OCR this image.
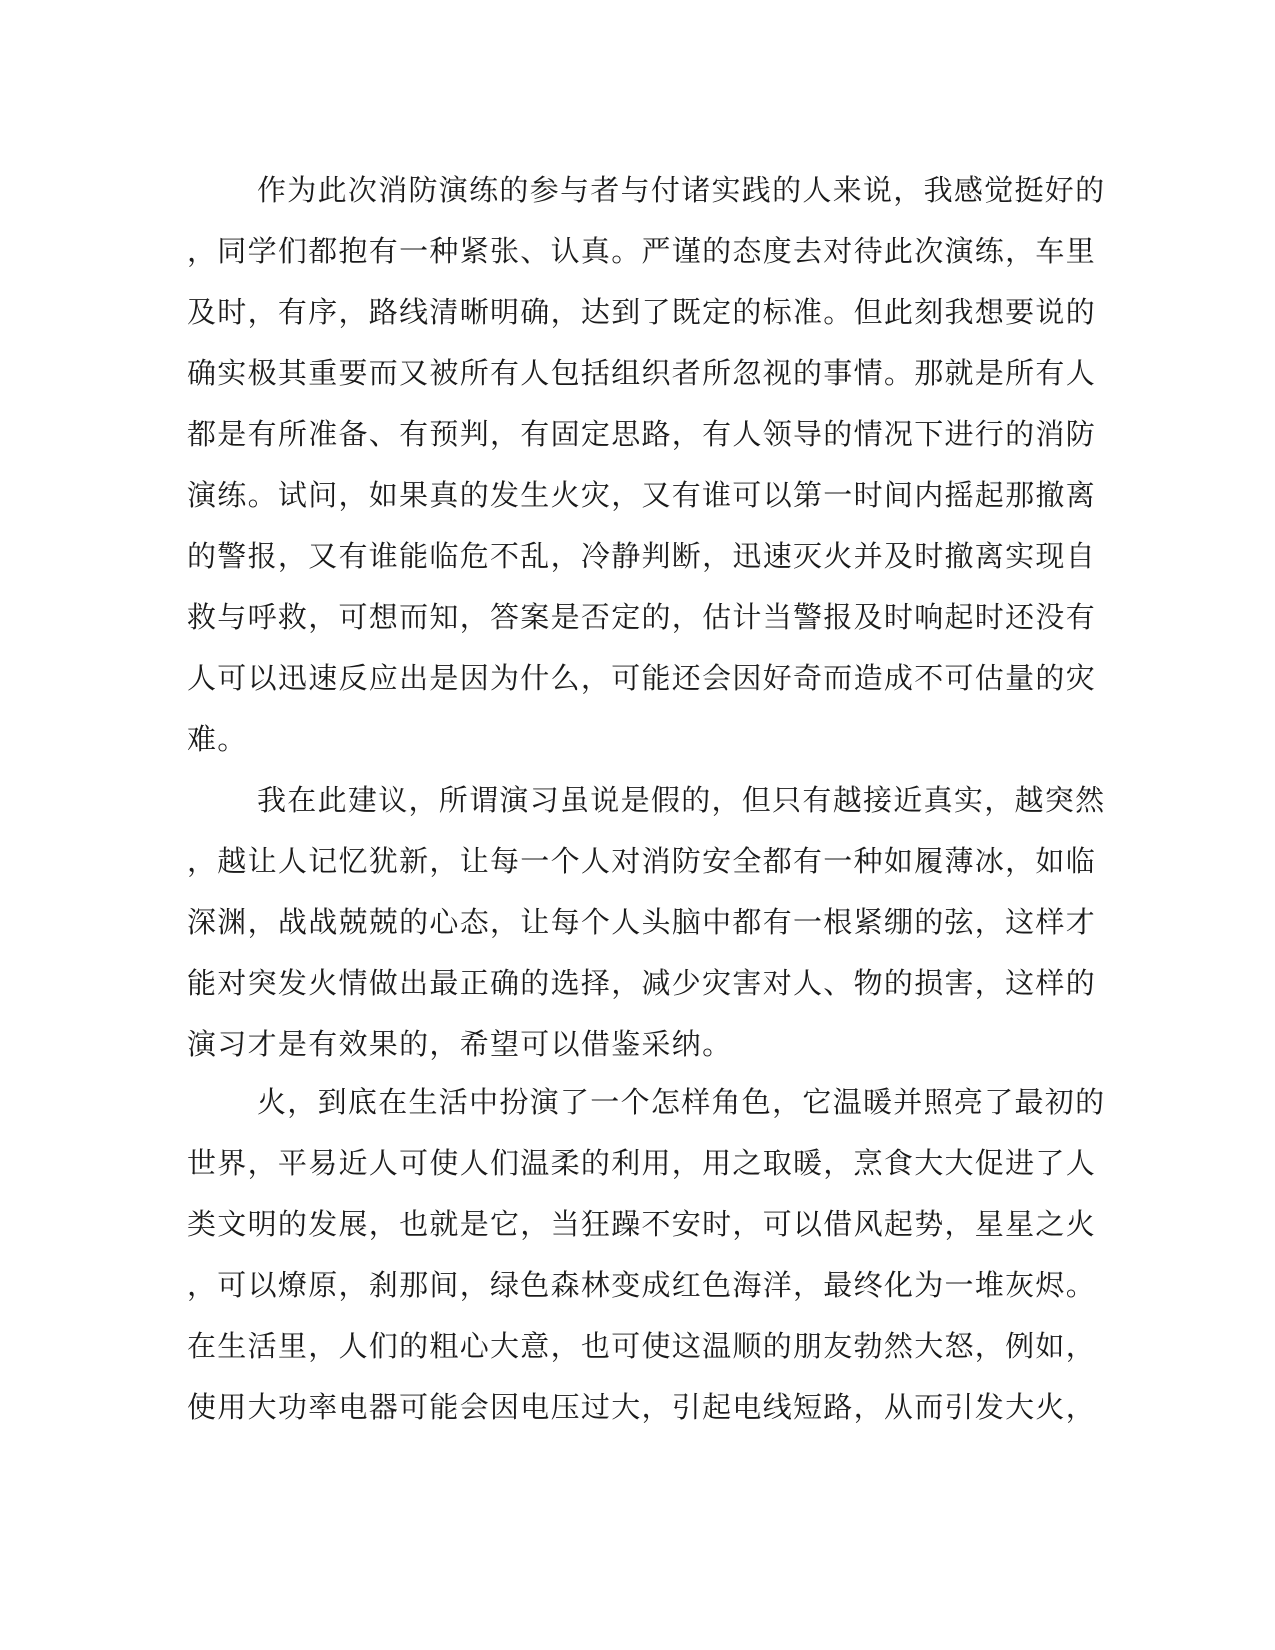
作为此次消防演练的参与者与付诸实践的人来说，我感觉挺好的
，同学们都抱有一种紧张、认真。严谨的态度去对待此次演练，车里
及时，有序，路线清晰明确，达到了既定的标准。但此刻我想要说的
确实极其重要而又被所有人包括组织者所忽视的事情。那就是所有人
都是有所准备、有预判，有固定思路，有人领导的情况下进行的消防
演练。试问，如果真的发生火灾，又有谁可以第一时间内摇起那撤离
的警报，又有谁能临危不乱，冷静判断，迅速灭火并及时撤离实现自
救与呼救，可想而知，答案是否定的，估计当警报及时响起时还没有
人可以迅速反应出是因为什么，可能还会因好奇而造成不可估量的灾
难。
我在此建议，所谓演习虽说是假的，但只有越接近真实，越突然
，越让人记忆犹新，让每一个人对消防安全都有一种如履薄冰，如临
深渊，战战兢兢的心态，让每个人头脑中都有一根紧绷的弦，这样才
能对突发火情做出最正确的选择，减少灾害对人、物的损害，这样的
演习才是有效果的，希望可以借鉴采纳。
火，到底在生活中扮演了一个怎样角色，它温暖并照亮了最初的
世界，平易近人可使人们温柔的利用，用之取暖，烹食大大促进了人
类文明的发展，也就是它，当狂躁不安时，可以借风起势，星星之火
，可以燎原，刹那间，绿色森林变成红色海洋，最终化为一堆灰烬。
在生活里，人们的粗心大意，也可使这温顺的朋友勃然大怒，例如，
使用大功率电器可能会因电压过大，引起电线短路，从而引发大火，
